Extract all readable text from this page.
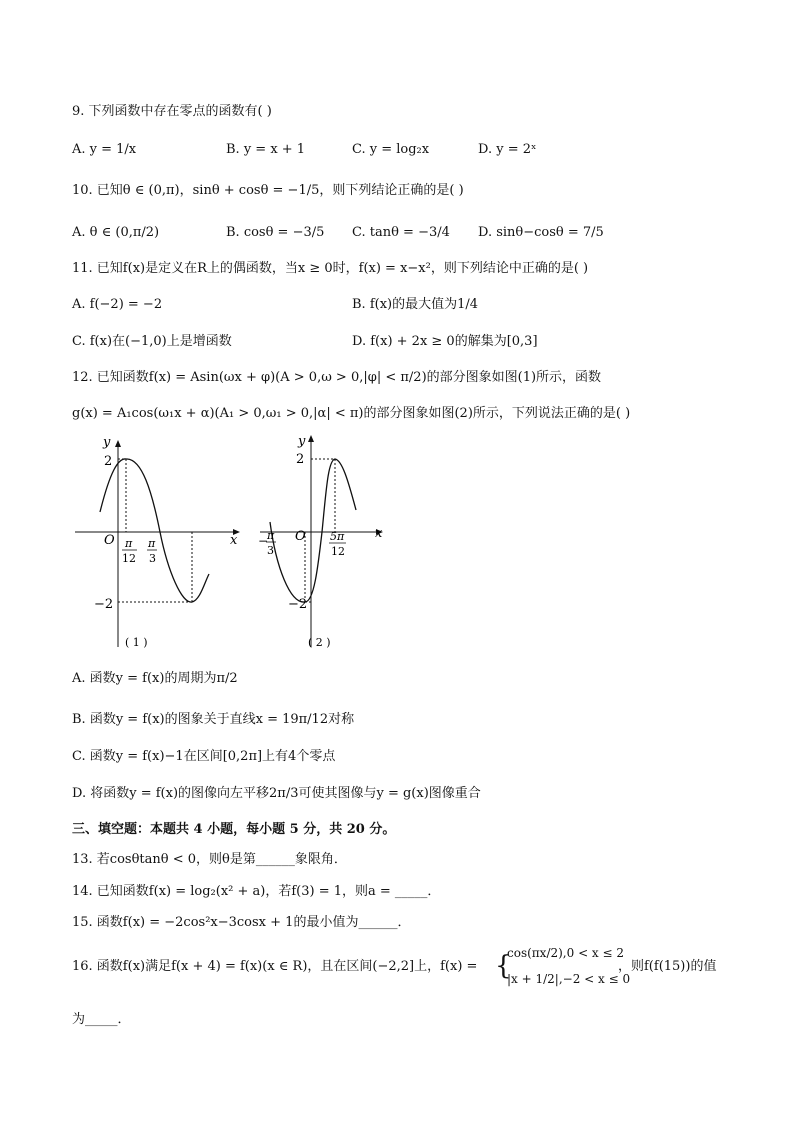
9. 下列函数中存在零点的函数有( )
A. y = 1/x	B. y = x + 1	C. y = log₂x	D. y = 2ˣ
10. 已知θ ∈ (0,π)，sinθ + cosθ = −1/5，则下列结论正确的是( )
A. θ ∈ (0,π/2)	B. cosθ = −3/5 C. tanθ = −3/4 D. sinθ−cosθ = 7/5
11. 已知f(x)是定义在R上的偶函数，当x ≥ 0时，f(x) = x−x²，则下列结论中正确的是( )
A. f(−2) = −2	B. f(x)的最大值为1/4
C. f(x)在(−1,0)上是增函数	D. f(x) + 2x ≥ 0的解集为[0,3]
12. 已知函数f(x) = Asin(ωx + φ)(A > 0,ω > 0,|φ| < π/2)的部分图象如图(1)所示，函数
g(x) = A₁cos(ω₁x + α)(A₁ > 0,ω₁ > 0,|α| < π)的部分图象如图(2)所示，下列说法正确的是( )
y
x
O
2
−2
π
12
π
3
( 1 )
y
x
O
2
−2
−
π
3
5π
12
( 2 )
A. 函数y = f(x)的周期为π/2
B. 函数y = f(x)的图象关于直线x = 19π/12对称
C. 函数y = f(x)−1在区间[0,2π]上有4个零点
D. 将函数y = f(x)的图像向左平移2π/3可使其图像与y = g(x)图像重合
三、填空题：本题共 4 小题，每小题 5 分，共 20 分。
13. 若cosθtanθ < 0，则θ是第______象限角．
14. 已知函数f(x) = log₂(x² + a)，若f(3) = 1，则a = _____．
15. 函数f(x) = −2cos²x−3cosx + 1的最小值为______．
16. 函数f(x)满足f(x + 4) = f(x)(x ∈ R)，且在区间(−2,2]上，f(x) = {
cos(πx/2),0 < x ≤ 2
|x + 1/2|,−2 < x ≤ 0
，则f(f(15))的值
为_____．
